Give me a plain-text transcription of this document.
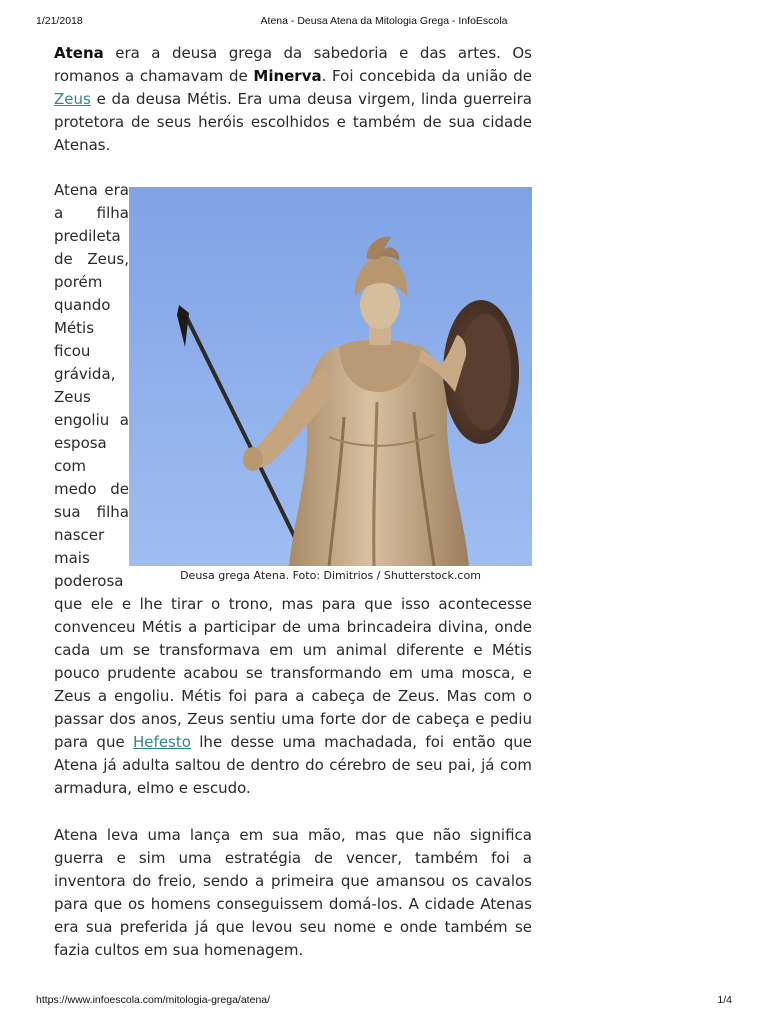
1/21/2018	Atena - Deusa Atena da Mitologia Grega - InfoEscola

Atena era a deusa grega da sabedoria e das artes. Os romanos a chamavam de Minerva. Foi concebida da união de Zeus e da deusa Métis. Era uma deusa virgem, linda guerreira protetora de seus heróis escolhidos e também de sua cidade Atenas.

Deusa grega Atena. Foto: Dimitrios / Shutterstock.com

Atena era a filha predileta de Zeus, porém quando Métis ficou grávida, Zeus engoliu a esposa com medo de sua filha nascer mais poderosa que ele e lhe tirar o trono, mas para que isso acontecesse convenceu Métis a participar de uma brincadeira divina, onde cada um se transformava em um animal diferente e Métis pouco prudente acabou se transformando em uma mosca, e Zeus a engoliu. Métis foi para a cabeça de Zeus. Mas com o passar dos anos, Zeus sentiu uma forte dor de cabeça e pediu para que Hefesto lhe desse uma machadada, foi então que Atena já adulta saltou de dentro do cérebro de seu pai, já com armadura, elmo e escudo.

Atena leva uma lança em sua mão, mas que não significa guerra e sim uma estratégia de vencer, também foi a inventora do freio, sendo a primeira que amansou os cavalos para que os homens conseguissem domá-los. A cidade Atenas era sua preferida já que levou seu nome e onde também se fazia cultos em sua homenagem.

https://www.infoescola.com/mitologia-grega/atena/	1/4
